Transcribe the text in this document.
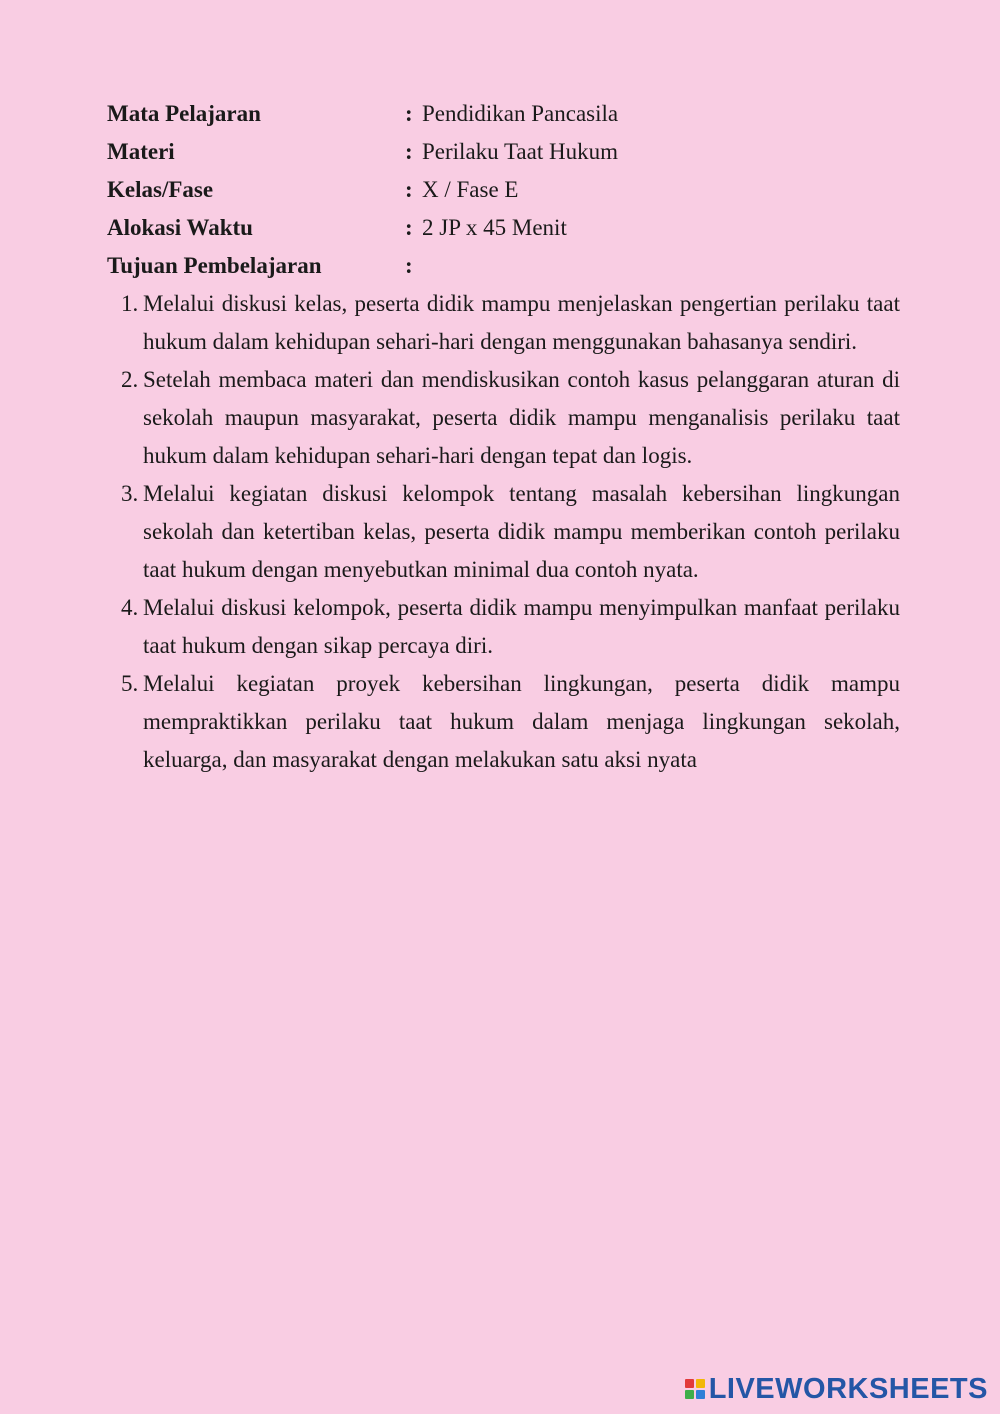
Mata Pelajaran	: Pendidikan Pancasila
Materi	: Perilaku Taat Hukum
Kelas/Fase	: X / Fase E
Alokasi Waktu	: 2 JP x 45 Menit
Tujuan Pembelajaran	:
1. Melalui diskusi kelas, peserta didik mampu menjelaskan pengertian perilaku taat hukum dalam kehidupan sehari-hari dengan menggunakan bahasanya sendiri.
2. Setelah membaca materi dan mendiskusikan contoh kasus pelanggaran aturan di sekolah maupun masyarakat, peserta didik mampu menganalisis perilaku taat hukum dalam kehidupan sehari-hari dengan tepat dan logis.
3. Melalui kegiatan diskusi kelompok tentang masalah kebersihan lingkungan sekolah dan ketertiban kelas, peserta didik mampu memberikan contoh perilaku taat hukum dengan menyebutkan minimal dua contoh nyata.
4. Melalui diskusi kelompok, peserta didik mampu menyimpulkan manfaat perilaku taat hukum dengan sikap percaya diri.
5. Melalui kegiatan proyek kebersihan lingkungan, peserta didik mampu mempraktikkan perilaku taat hukum dalam menjaga lingkungan sekolah, keluarga, dan masyarakat dengan melakukan satu aksi nyata
LIVEWORKSHEETS
